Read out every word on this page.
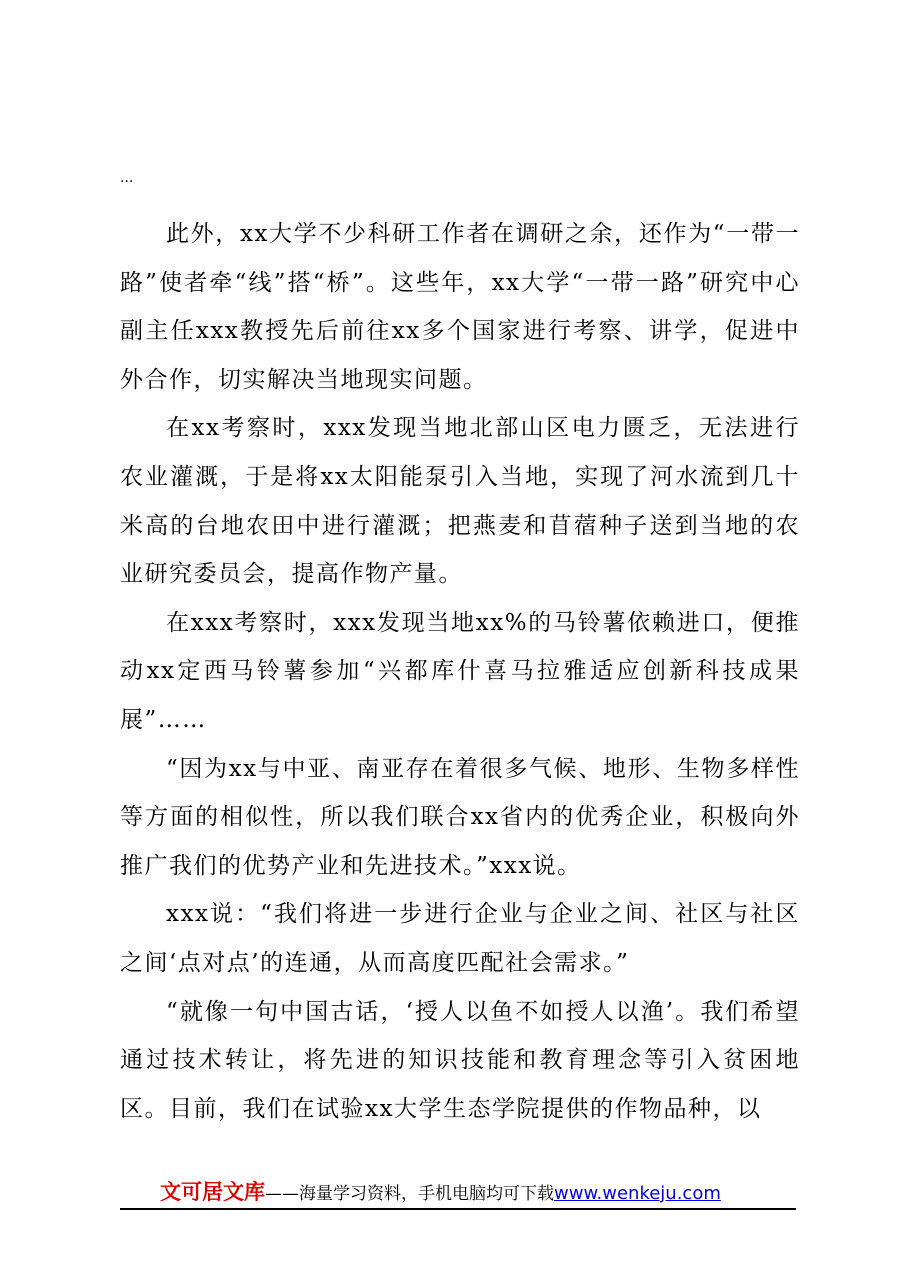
...

此外，xx大学不少科研工作者在调研之余，还作为“一带一路”使者牵“线”搭“桥”。这些年，xx大学“一带一路”研究中心副主任xxx教授先后前往xx多个国家进行考察、讲学，促进中外合作，切实解决当地现实问题。

在xx考察时，xxx发现当地北部山区电力匮乏，无法进行农业灌溉，于是将xx太阳能泵引入当地，实现了河水流到几十米高的台地农田中进行灌溉；把燕麦和苜蓿种子送到当地的农业研究委员会，提高作物产量。

在xxx考察时，xxx发现当地xx%的马铃薯依赖进口，便推动xx定西马铃薯参加“兴都库什喜马拉雅适应创新科技成果展”……

“因为xx与中亚、南亚存在着很多气候、地形、生物多样性等方面的相似性，所以我们联合xx省内的优秀企业，积极向外推广我们的优势产业和先进技术。”xxx说。

xxx说：“我们将进一步进行企业与企业之间、社区与社区之间‘点对点’的连通，从而高度匹配社会需求。”

“就像一句中国古话，‘授人以鱼不如授人以渔’。我们希望通过技术转让，将先进的知识技能和教育理念等引入贫困地区。目前，我们在试验xx大学生态学院提供的作物品种，以

文可居文库——海量学习资料，手机电脑均可下载www.wenkeju.com
